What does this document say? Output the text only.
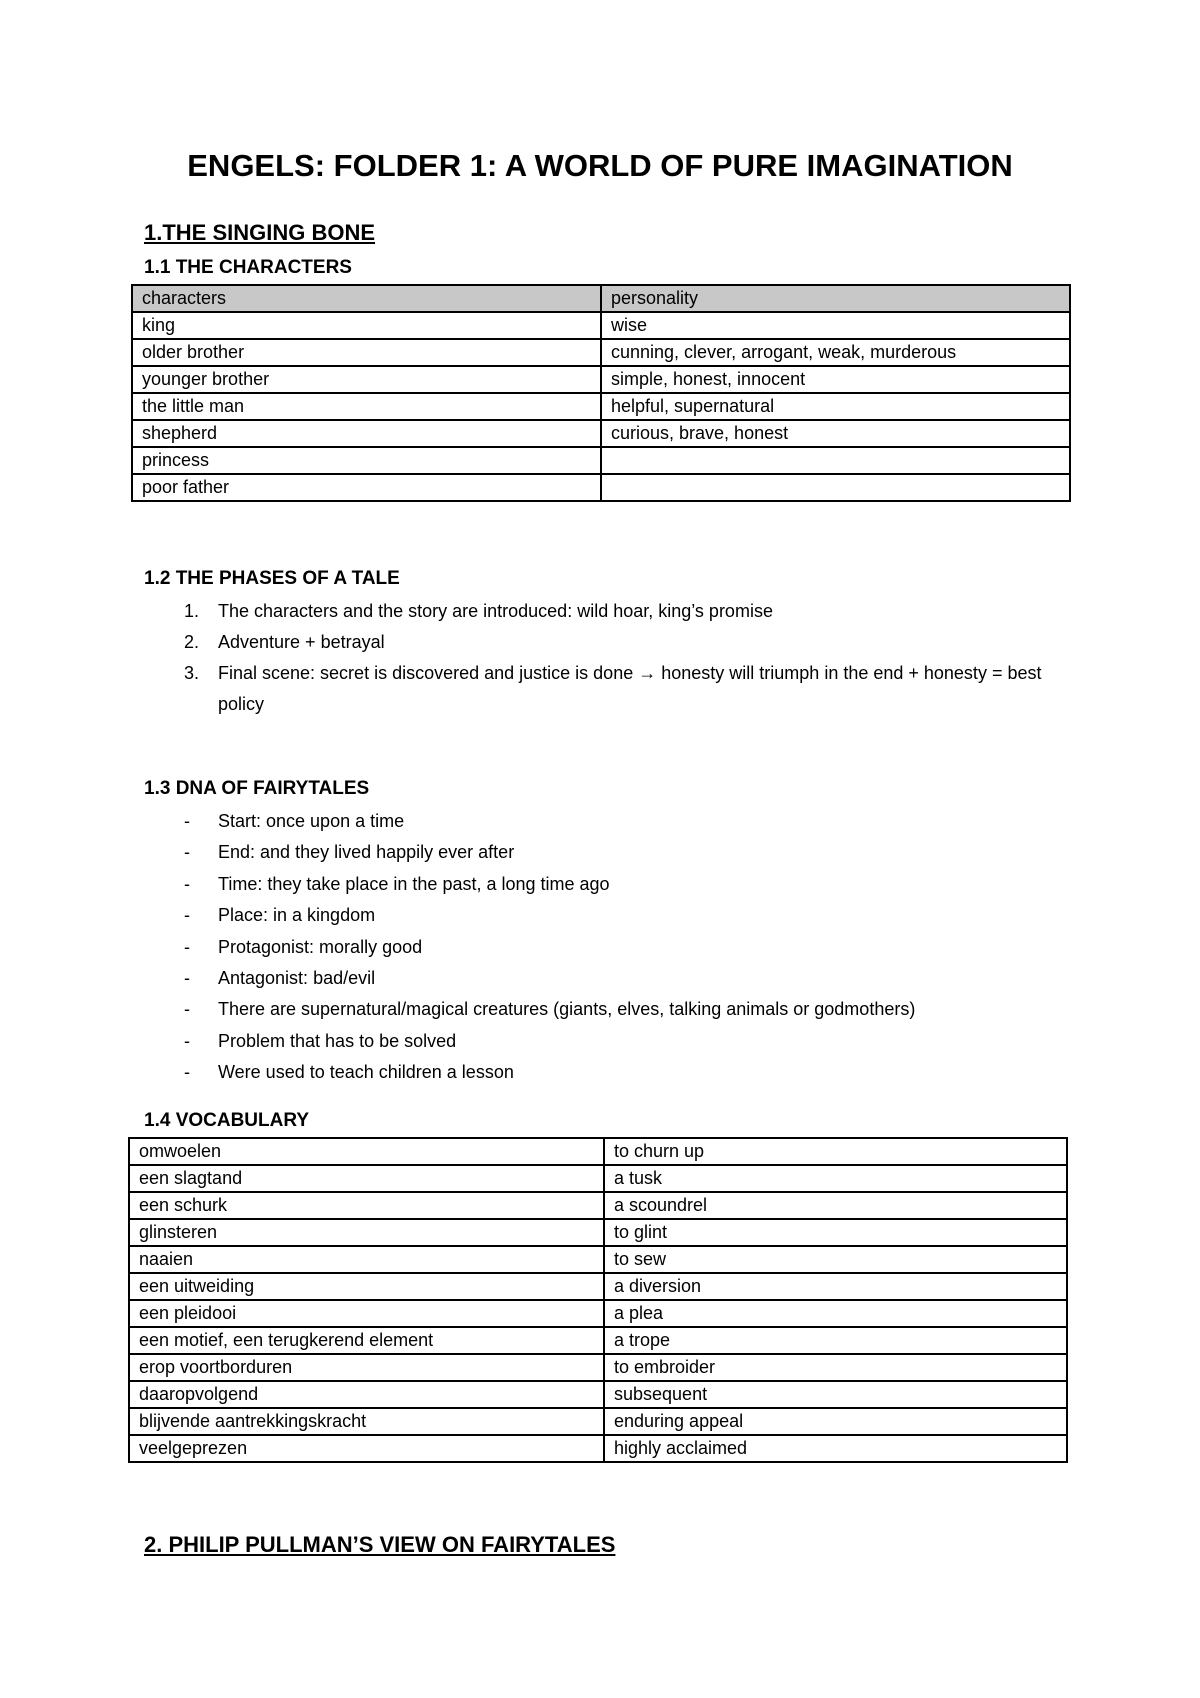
ENGELS: FOLDER 1: A WORLD OF PURE IMAGINATION
1.THE SINGING BONE
1.1 THE CHARACTERS
characters	personality
king	wise
older brother	cunning, clever, arrogant, weak, murderous
younger brother	simple, honest, innocent
the little man	helpful, supernatural
shepherd	curious, brave, honest
princess	
poor father	
1.2 THE PHASES OF A TALE
1. The characters and the story are introduced: wild hoar, king’s promise
2. Adventure + betrayal
3. Final scene: secret is discovered and justice is done → honesty will triumph in the end + honesty = best policy
1.3 DNA OF FAIRYTALES
- Start: once upon a time
- End: and they lived happily ever after
- Time: they take place in the past, a long time ago
- Place: in a kingdom
- Protagonist: morally good
- Antagonist: bad/evil
- There are supernatural/magical creatures (giants, elves, talking animals or godmothers)
- Problem that has to be solved
- Were used to teach children a lesson
1.4 VOCABULARY
omwoelen	to churn up
een slagtand	a tusk
een schurk	a scoundrel
glinsteren	to glint
naaien	to sew
een uitweiding	a diversion
een pleidooi	a plea
een motief, een terugkerend element	a trope
erop voortborduren	to embroider
daaropvolgend	subsequent
blijvende aantrekkingskracht	enduring appeal
veelgeprezen	highly acclaimed
2. PHILIP PULLMAN’S VIEW ON FAIRYTALES
